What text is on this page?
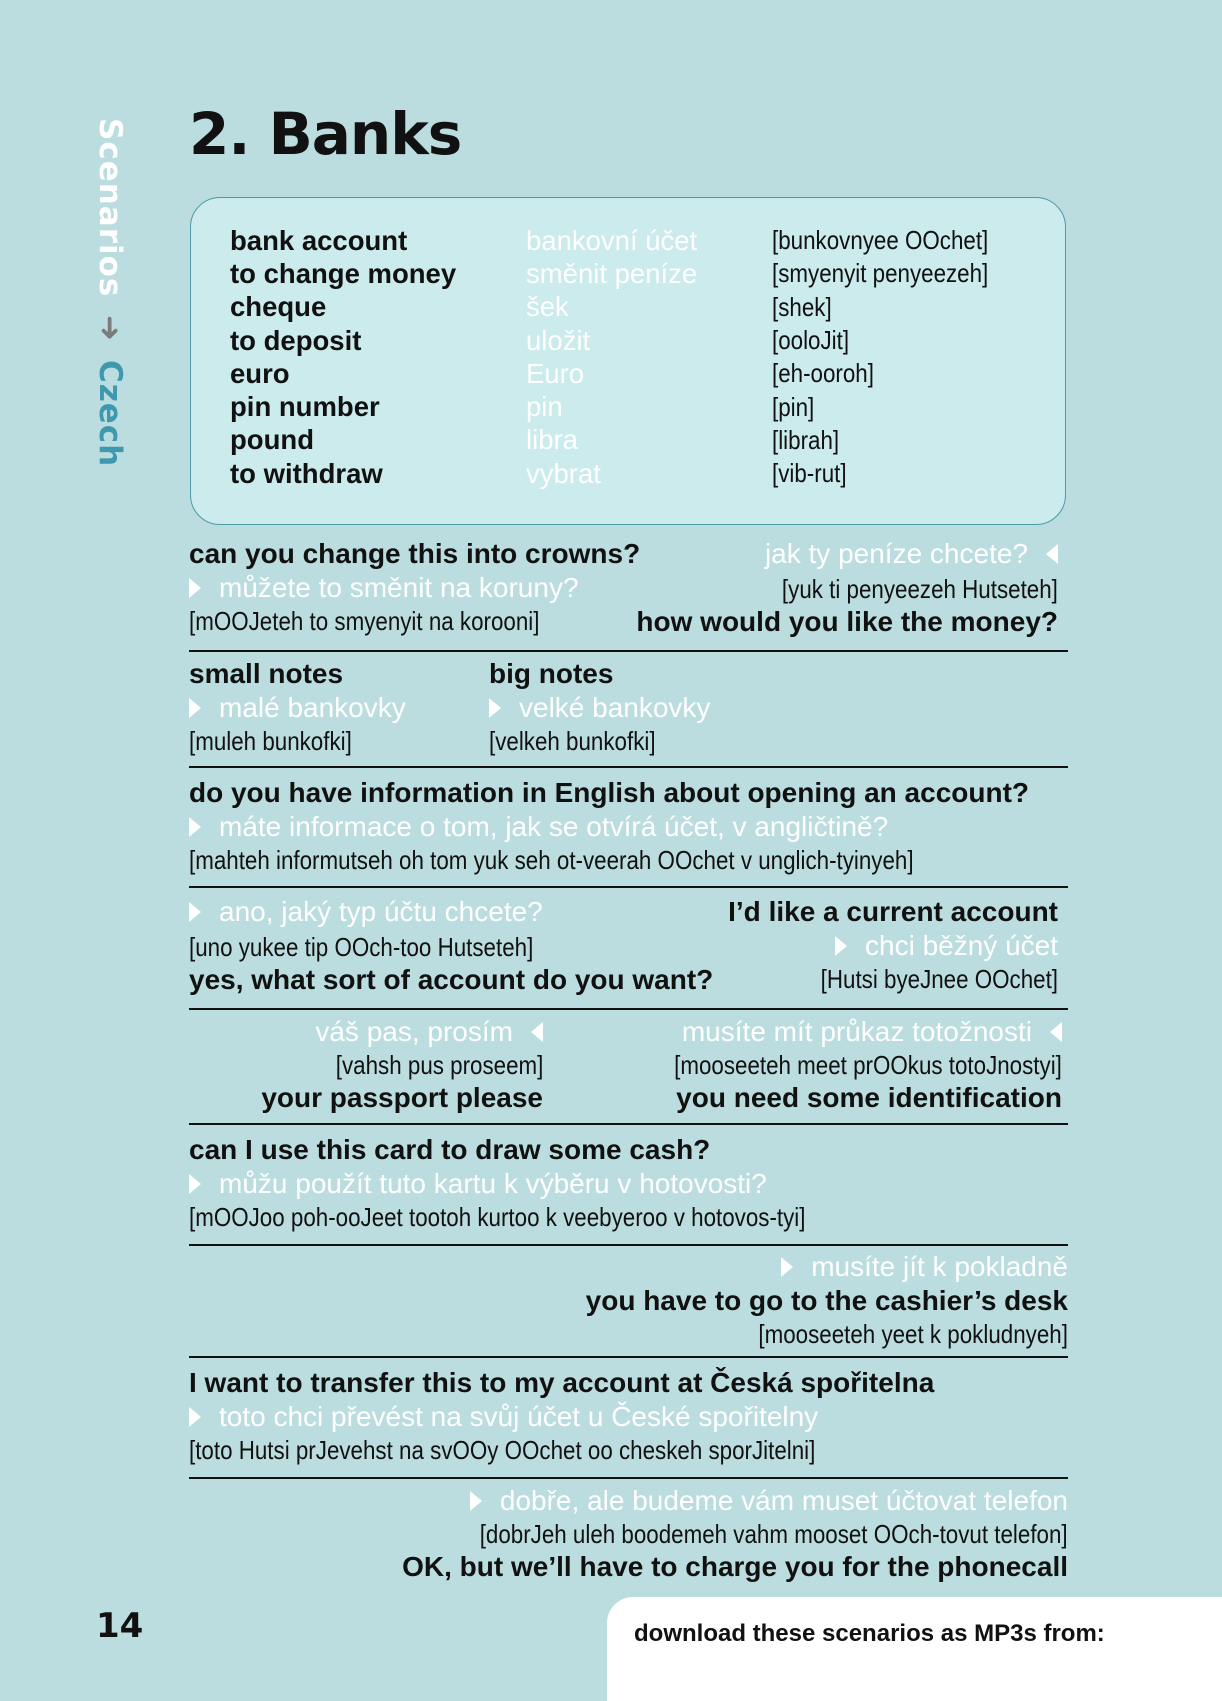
Scenarios ➜ Czech
2. Banks
bank account	bankovní účet	[bunkovnyee OOchet]
to change money	směnit peníze	[smyenyit penyeezeh]
cheque	šek	[shek]
to deposit	uložit	[ooloJit]
euro	Euro	[eh-ooroh]
pin number	pin	[pin]
pound	libra	[librah]
to withdraw	vybrat	[vib-rut]
can you change this into crowns?
můžete to směnit na koruny?
[mOOJeteh to smyenyit na korooni]
jak ty peníze chcete?
[yuk ti penyeezeh Hutseteh]
how would you like the money?
small notes
malé bankovky
[muleh bunkofki]
big notes
velké bankovky
[velkeh bunkofki]
do you have information in English about opening an account?
máte informace o tom, jak se otvírá účet, v angličtině?
[mahteh informutseh oh tom yuk seh ot-veerah OOchet v unglich-tyinyeh]
ano, jaký typ účtu chcete?
[uno yukee tip OOch-too Hutseteh]
yes, what sort of account do you want?
I’d like a current account
chci běžný účet
[Hutsi byeJnee OOchet]
váš pas, prosím
[vahsh pus proseem]
your passport please
musíte mít průkaz totožnosti
[mooseeteh meet prOOkus totoJnostyi]
you need some identification
can I use this card to draw some cash?
můžu použít tuto kartu k výběru v hotovosti?
[mOOJoo poh-ooJeet tootoh kurtoo k veebyeroo v hotovos-tyi]
musíte jít k pokladně
you have to go to the cashier’s desk
[mooseeteh yeet k pokludnyeh]
I want to transfer this to my account at Česká spořitelna
toto chci převést na svůj účet u České spořitelny
[toto Hutsi prJevehst na svOOy OOchet oo cheskeh sporJitelni]
dobře, ale budeme vám muset účtovat telefon
[dobrJeh uleh boodemeh vahm mooset OOch-tovut telefon]
OK, but we’ll have to charge you for the phonecall
14	download these scenarios as MP3s from:
